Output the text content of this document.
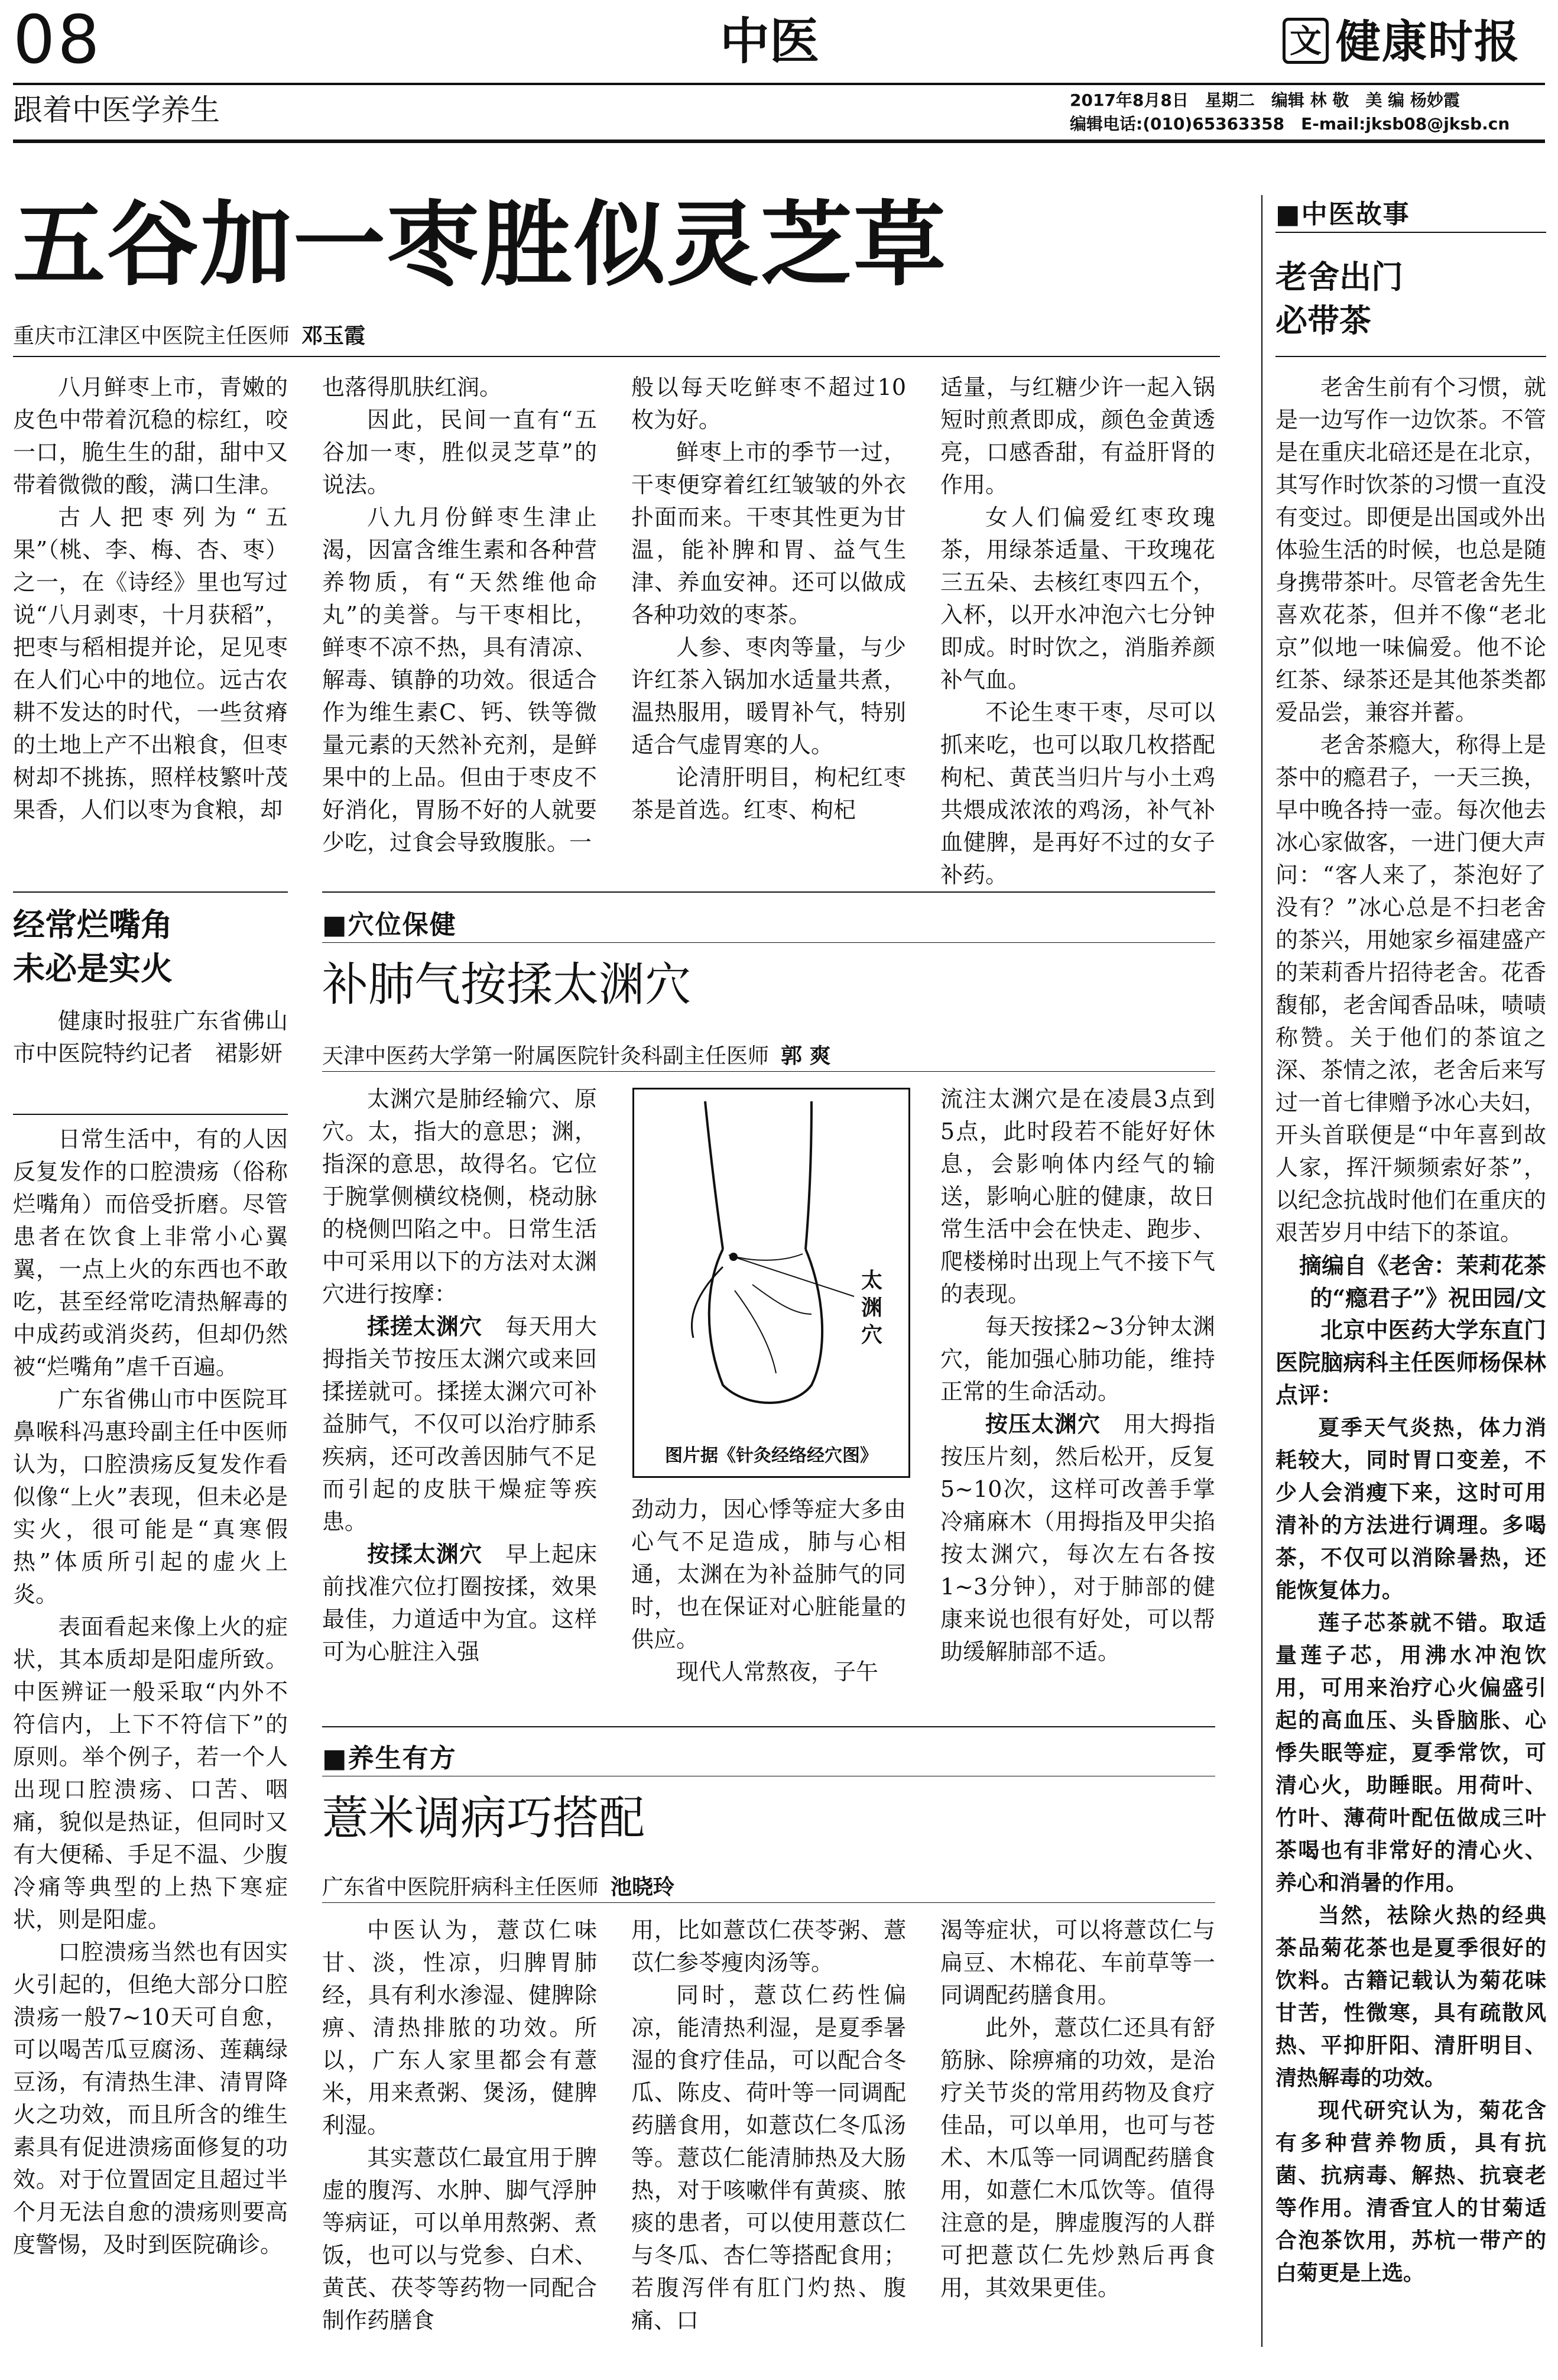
08	中医	文 健康时报
跟着中医学养生	2017年8月8日　星期二　编辑 林 敬　美 编 杨妙霞
编辑电话:(010)65363358　E-mail:jksb08@jksb.cn
五谷加一枣胜似灵芝草
重庆市江津区中医院主任医师 邓玉霞

八月鲜枣上市，青嫩的皮色中带着沉稳的棕红，咬一口，脆生生的甜，甜中又带着微微的酸，满口生津。

古人把枣列为“五果”（桃、李、梅、杏、枣）之一，在《诗经》里也写过说“八月剥枣，十月获稻”，把枣与稻相提并论，足见枣在人们心中的地位。远古农耕不发达的时代，一些贫瘠的土地上产不出粮食，但枣树却不挑拣，照样枝繁叶茂果香，人们以枣为食粮，却

也落得肌肤红润。

因此，民间一直有“五谷加一枣，胜似灵芝草”的说法。

八九月份鲜枣生津止渴，因富含维生素和各种营养物质，有“天然维他命丸”的美誉。与干枣相比，鲜枣不凉不热，具有清凉、解毒、镇静的功效。很适合作为维生素C、钙、铁等微量元素的天然补充剂，是鲜果中的上品。但由于枣皮不好消化，胃肠不好的人就要少吃，过食会导致腹胀。一

般以每天吃鲜枣不超过10枚为好。

鲜枣上市的季节一过，干枣便穿着红红皱皱的外衣扑面而来。干枣其性更为甘温，能补脾和胃、益气生津、养血安神。还可以做成各种功效的枣茶。

人参、枣肉等量，与少许红茶入锅加水适量共煮，温热服用，暖胃补气，特别适合气虚胃寒的人。

论清肝明目，枸杞红枣茶是首选。红枣、枸杞

适量，与红糖少许一起入锅短时煎煮即成，颜色金黄透亮，口感香甜，有益肝肾的作用。

女人们偏爱红枣玫瑰茶，用绿茶适量、干玫瑰花三五朵、去核红枣四五个，入杯，以开水冲泡六七分钟即成。时时饮之，消脂养颜补气血。

不论生枣干枣，尽可以抓来吃，也可以取几枚搭配枸杞、黄芪当归片与小土鸡共煨成浓浓的鸡汤，补气补血健脾，是再好不过的女子补药。

经常烂嘴角
未必是实火

健康时报驻广东省佛山市中医院特约记者　裙影妍

日常生活中，有的人因反复发作的口腔溃疡（俗称烂嘴角）而倍受折磨。尽管患者在饮食上非常小心翼翼，一点上火的东西也不敢吃，甚至经常吃清热解毒的中成药或消炎药，但却仍然被“烂嘴角”虐千百遍。

广东省佛山市中医院耳鼻喉科冯惠玲副主任中医师认为，口腔溃疡反复发作看似像“上火”表现，但未必是实火，很可能是“真寒假热”体质所引起的虚火上炎。

表面看起来像上火的症状，其本质却是阳虚所致。中医辨证一般采取“内外不符信内，上下不符信下”的原则。举个例子，若一个人出现口腔溃疡、口苦、咽痛，貌似是热证，但同时又有大便稀、手足不温、少腹冷痛等典型的上热下寒症状，则是阳虚。

口腔溃疡当然也有因实火引起的，但绝大部分口腔溃疡一般7~10天可自愈，可以喝苦瓜豆腐汤、莲藕绿豆汤，有清热生津、清胃降火之功效，而且所含的维生素具有促进溃疡面修复的功效。对于位置固定且超过半个月无法自愈的溃疡则要高度警惕，及时到医院确诊。

■穴位保健
补肺气按揉太渊穴
天津中医药大学第一附属医院针灸科副主任医师 郭 爽

太渊穴是肺经输穴、原穴。太，指大的意思；渊，指深的意思，故得名。它位于腕掌侧横纹桡侧，桡动脉的桡侧凹陷之中。日常生活中可采用以下的方法对太渊穴进行按摩：

揉搓太渊穴　每天用大拇指关节按压太渊穴或来回揉搓就可。揉搓太渊穴可补益肺气，不仅可以治疗肺系疾病，还可改善因肺气不足而引起的皮肤干燥症等疾患。

按揉太渊穴　早上起床前找准穴位打圈按揉，效果最佳，力道适中为宜。这样可为心脏注入强

太渊穴
图片据《针灸经络经穴图》

劲动力，因心悸等症大多由心气不足造成，肺与心相通，太渊在为补益肺气的同时，也在保证对心脏能量的供应。

现代人常熬夜，子午

流注太渊穴是在凌晨3点到5点，此时段若不能好好休息，会影响体内经气的输送，影响心脏的健康，故日常生活中会在快走、跑步、爬楼梯时出现上气不接下气的表现。

每天按揉2~3分钟太渊穴，能加强心肺功能，维持正常的生命活动。

按压太渊穴　用大拇指按压片刻，然后松开，反复5~10次，这样可改善手掌冷痛麻木（用拇指及甲尖掐按太渊穴，每次左右各按1~3分钟），对于肺部的健康来说也很有好处，可以帮助缓解肺部不适。

■养生有方
薏米调病巧搭配
广东省中医院肝病科主任医师 池晓玲

中医认为，薏苡仁味甘、淡，性凉，归脾胃肺经，具有利水渗湿、健脾除痹、清热排脓的功效。所以，广东人家里都会有薏米，用来煮粥、煲汤，健脾利湿。

其实薏苡仁最宜用于脾虚的腹泻、水肿、脚气浮肿等病证，可以单用熬粥、煮饭，也可以与党参、白术、黄芪、茯苓等药物一同配合制作药膳食

用，比如薏苡仁茯苓粥、薏苡仁参苓瘦肉汤等。

同时，薏苡仁药性偏凉，能清热利湿，是夏季暑湿的食疗佳品，可以配合冬瓜、陈皮、荷叶等一同调配药膳食用，如薏苡仁冬瓜汤等。薏苡仁能清肺热及大肠热，对于咳嗽伴有黄痰、脓痰的患者，可以使用薏苡仁与冬瓜、杏仁等搭配食用；若腹泻伴有肛门灼热、腹痛、口

渴等症状，可以将薏苡仁与扁豆、木棉花、车前草等一同调配药膳食用。

此外，薏苡仁还具有舒筋脉、除痹痛的功效，是治疗关节炎的常用药物及食疗佳品，可以单用，也可与苍术、木瓜等一同调配药膳食用，如薏仁木瓜饮等。值得注意的是，脾虚腹泻的人群可把薏苡仁先炒熟后再食用，其效果更佳。

■中医故事
老舍出门
必带茶

老舍生前有个习惯，就是一边写作一边饮茶。不管是在重庆北碚还是在北京，其写作时饮茶的习惯一直没有变过。即便是出国或外出体验生活的时候，也总是随身携带茶叶。尽管老舍先生喜欢花茶，但并不像“老北京”似地一味偏爱。他不论红茶、绿茶还是其他茶类都爱品尝，兼容并蓄。

老舍茶瘾大，称得上是茶中的瘾君子，一天三换，早中晚各持一壶。每次他去冰心家做客，一进门便大声问：“客人来了，茶泡好了没有？”冰心总是不扫老舍的茶兴，用她家乡福建盛产的茉莉香片招待老舍。花香馥郁，老舍闻香品味，啧啧称赞。关于他们的茶谊之深、茶情之浓，老舍后来写过一首七律赠予冰心夫妇，开头首联便是“中年喜到故人家，挥汗频频索好茶”，以纪念抗战时他们在重庆的艰苦岁月中结下的茶谊。

摘编自《老舍：茉莉花茶的“瘾君子”》祝田园/文

北京中医药大学东直门医院脑病科主任医师杨保林点评：

夏季天气炎热，体力消耗较大，同时胃口变差，不少人会消瘦下来，这时可用清补的方法进行调理。多喝茶，不仅可以消除暑热，还能恢复体力。

莲子芯茶就不错。取适量莲子芯，用沸水冲泡饮用，可用来治疗心火偏盛引起的高血压、头昏脑胀、心悸失眠等症，夏季常饮，可清心火，助睡眠。用荷叶、竹叶、薄荷叶配伍做成三叶茶喝也有非常好的清心火、养心和消暑的作用。

当然，祛除火热的经典茶品菊花茶也是夏季很好的饮料。古籍记载认为菊花味甘苦，性微寒，具有疏散风热、平抑肝阳、清肝明目、清热解毒的功效。

现代研究认为，菊花含有多种营养物质，具有抗菌、抗病毒、解热、抗衰老等作用。清香宜人的甘菊适合泡茶饮用，苏杭一带产的白菊更是上选。
